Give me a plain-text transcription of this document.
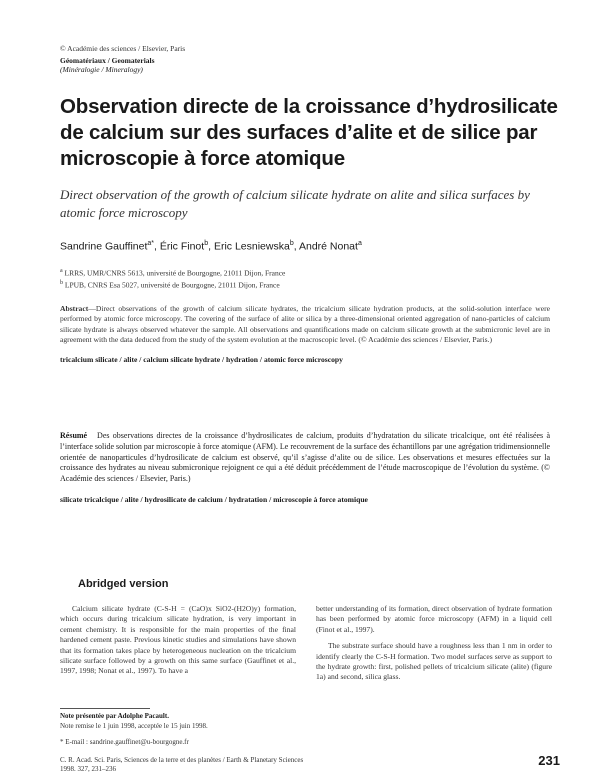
© Académie des sciences / Elsevier, Paris
Géomatériaux / Geomaterials
(Minéralogie / Mineralogy)
Observation directe de la croissance d’hydrosilicate de calcium sur des surfaces d’alite et de silice par microscopie à force atomique
Direct observation of the growth of calcium silicate hydrate on alite and silica surfaces by atomic force microscopy
Sandrine Gauffinet$^{a*}$, Éric Finot$^b$, Eric Lesniewska$^b$, André Nonat$^a$
$^a$ LRRS, UMR/CNRS 5613, université de Bourgogne, 21011 Dijon, France
$^b$ LPUB, CNRS Esa 5027, université de Bourgogne, 21011 Dijon, France
Abstract—Direct observations of the growth of calcium silicate hydrates, the tricalcium silicate hydration products, at the solid-solution interface were performed by atomic force microscopy. The covering of the surface of alite or silica by a three-dimensional oriented aggregation of nano-particles of calcium silicate hydrate is always observed whatever the sample. All observations and quantifications made on calcium silicate growth at the submicronic level are in agreement with the data deduced from the study of the system evolution at the macroscopic level. (© Académie des sciences / Elsevier, Paris.)
tricalcium silicate / alite / calcium silicate hydrate / hydration / atomic force microscopy
Résumé Des observations directes de la croissance d’hydrosilicates de calcium, produits d’hydratation du silicate tricalcique, ont été réalisées à l’interface solide solution par microscopie à force atomique (AFM). Le recouvrement de la surface des échantillons par une agrégation tridimensionnelle orientée de nanoparticules d’hydrosilicate de calcium est observé, qu’il s’agisse d’alite ou de silice. Les observations et mesures effectuées sur la croissance des hydrates au niveau submicronique rejoignent ce qui a été déduit précédemment de l’étude macroscopique de l’évolution du système. (© Académie des sciences / Elsevier, Paris.)
silicate tricalcique / alite / hydrosilicate de calcium / hydratation / microscopie à force atomique
Abridged version

Calcium silicate hydrate (C-S-H = (CaO)x SiO2-(H2O)y) formation, which occurs during tricalcium silicate hydration, is very important in cement chemistry. It is responsible for the main properties of the final hardened cement paste. Previous kinetic studies and simulations have shown that its formation takes place by heterogeneous nucleation on the tricalcium silicate surface followed by a growth on this same surface (Gauffinet et al., 1997, 1998; Nonat et al., 1997). To have a

better understanding of its formation, direct observation of hydrate formation has been performed by atomic force microscopy (AFM) in a liquid cell (Finot et al., 1997).

The substrate surface should have a roughness less than 1 nm in order to identify clearly the C-S-H formation. Two model surfaces serve as support to the hydrate growth: first, polished pellets of tricalcium silicate (alite) (figure 1a) and second, silica glass.

Note présentée par Adolphe Pacault.
Note remise le 1 juin 1998, acceptée le 15 juin 1998.
* E-mail : sandrine.gauffinet@u-bourgogne.fr
C. R. Acad. Sci. Paris, Sciences de la terre et des planètes / Earth & Planetary Sciences
1998. 327, 231–236
231
